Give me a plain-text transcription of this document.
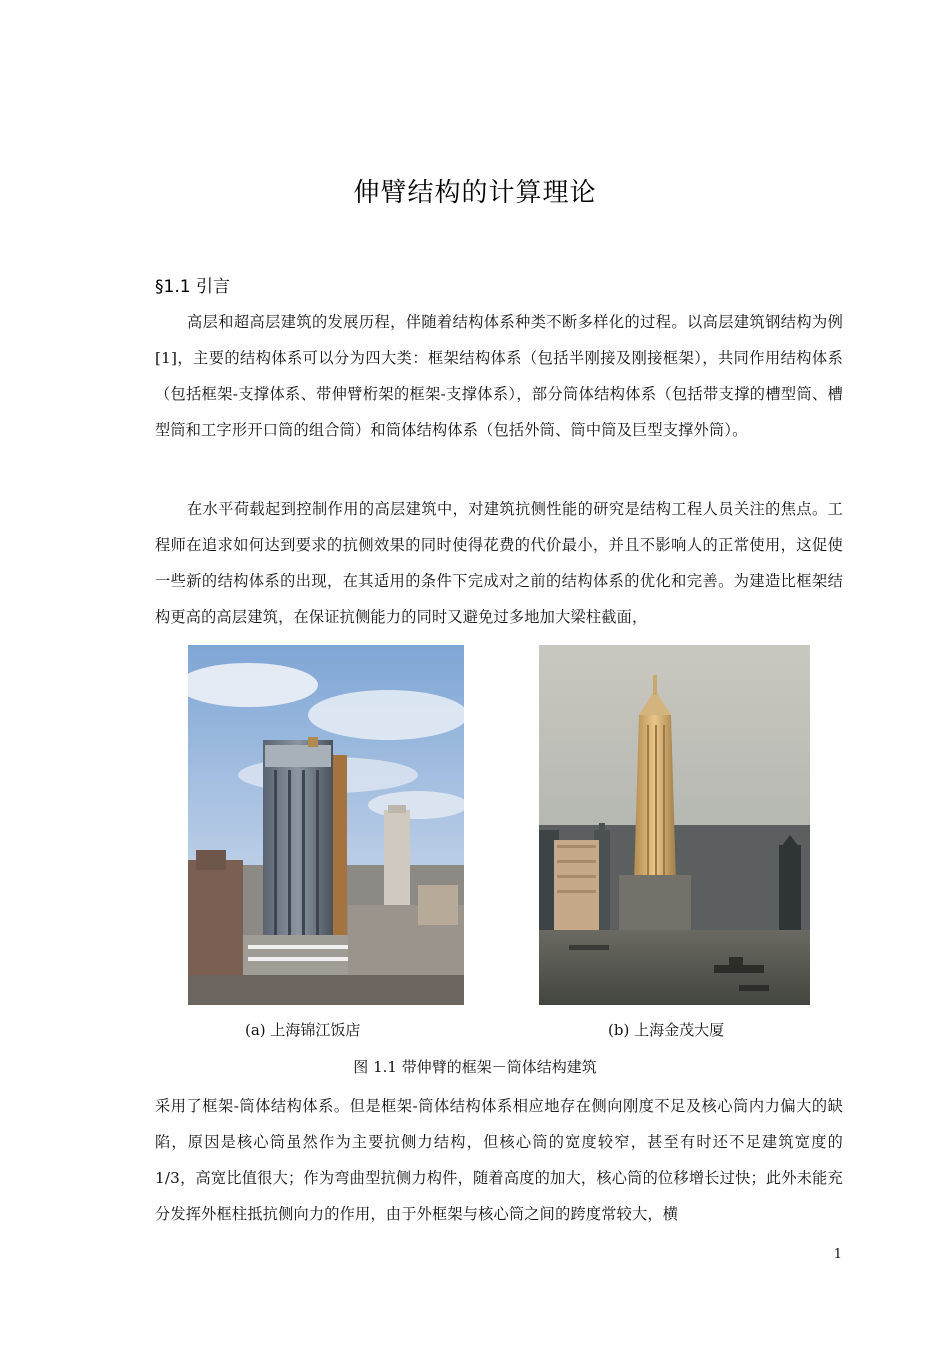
伸臂结构的计算理论
§1.1 引言
高层和超高层建筑的发展历程，伴随着结构体系种类不断多样化的过程。以高层建筑钢结构为例[1]，主要的结构体系可以分为四大类：框架结构体系（包括半刚接及刚接框架），共同作用结构体系（包括框架-支撑体系、带伸臂桁架的框架-支撑体系），部分筒体结构体系（包括带支撑的槽型筒、槽型筒和工字形开口筒的组合筒）和筒体结构体系（包括外筒、筒中筒及巨型支撑外筒）。
在水平荷载起到控制作用的高层建筑中，对建筑抗侧性能的研究是结构工程人员关注的焦点。工程师在追求如何达到要求的抗侧效果的同时使得花费的代价最小，并且不影响人的正常使用，这促使一些新的结构体系的出现，在其适用的条件下完成对之前的结构体系的优化和完善。为建造比框架结构更高的高层建筑，在保证抗侧能力的同时又避免过多地加大梁柱截面，
(a) 上海锦江饭店	(b) 上海金茂大厦
图 1.1 带伸臂的框架－筒体结构建筑
采用了框架-筒体结构体系。但是框架-筒体结构体系相应地存在侧向刚度不足及核心筒内力偏大的缺陷，原因是核心筒虽然作为主要抗侧力结构，但核心筒的宽度较窄，甚至有时还不足建筑宽度的 1/3，高宽比值很大；作为弯曲型抗侧力构件，随着高度的加大，核心筒的位移增长过快；此外未能充分发挥外框柱抵抗侧向力的作用，由于外框架与核心筒之间的跨度常较大，横
1
